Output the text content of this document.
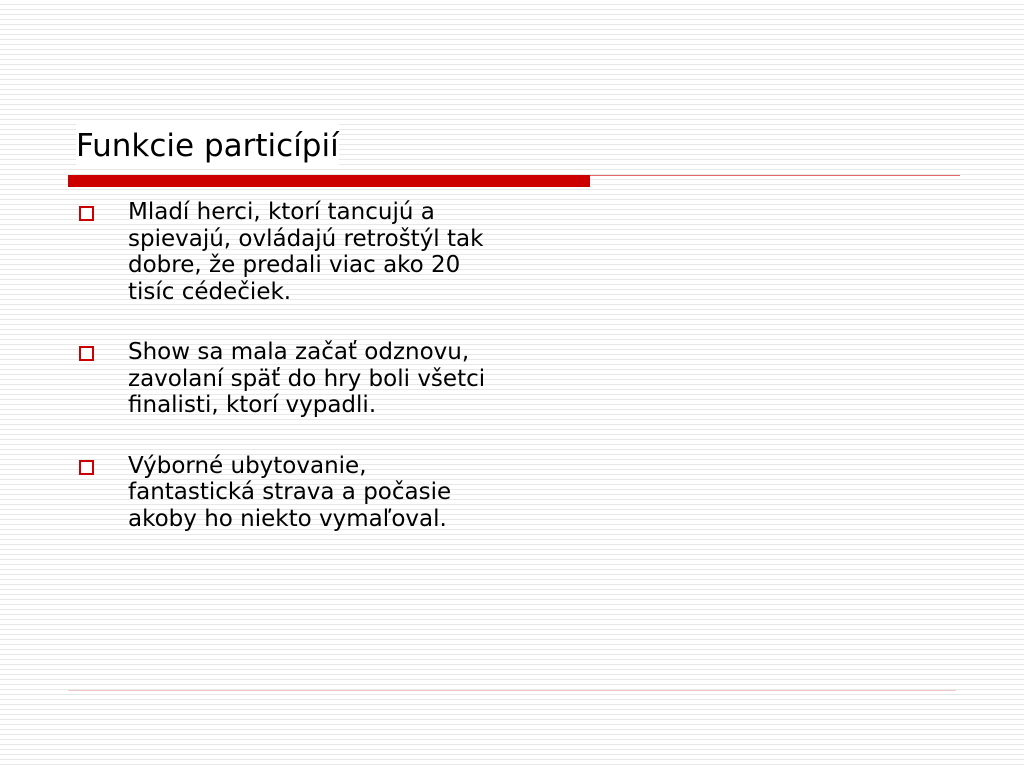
Funkcie particípií
Mladí herci, ktorí tancujú a spievajú, ovládajú retroštýl tak dobre, že predali viac ako 20 tisíc cédečiek.
Show sa mala začať odznovu, zavolaní späť do hry boli všetci finalisti, ktorí vypadli.
Výborné ubytovanie, fantastická strava a počasie akoby ho niekto vymaľoval.
